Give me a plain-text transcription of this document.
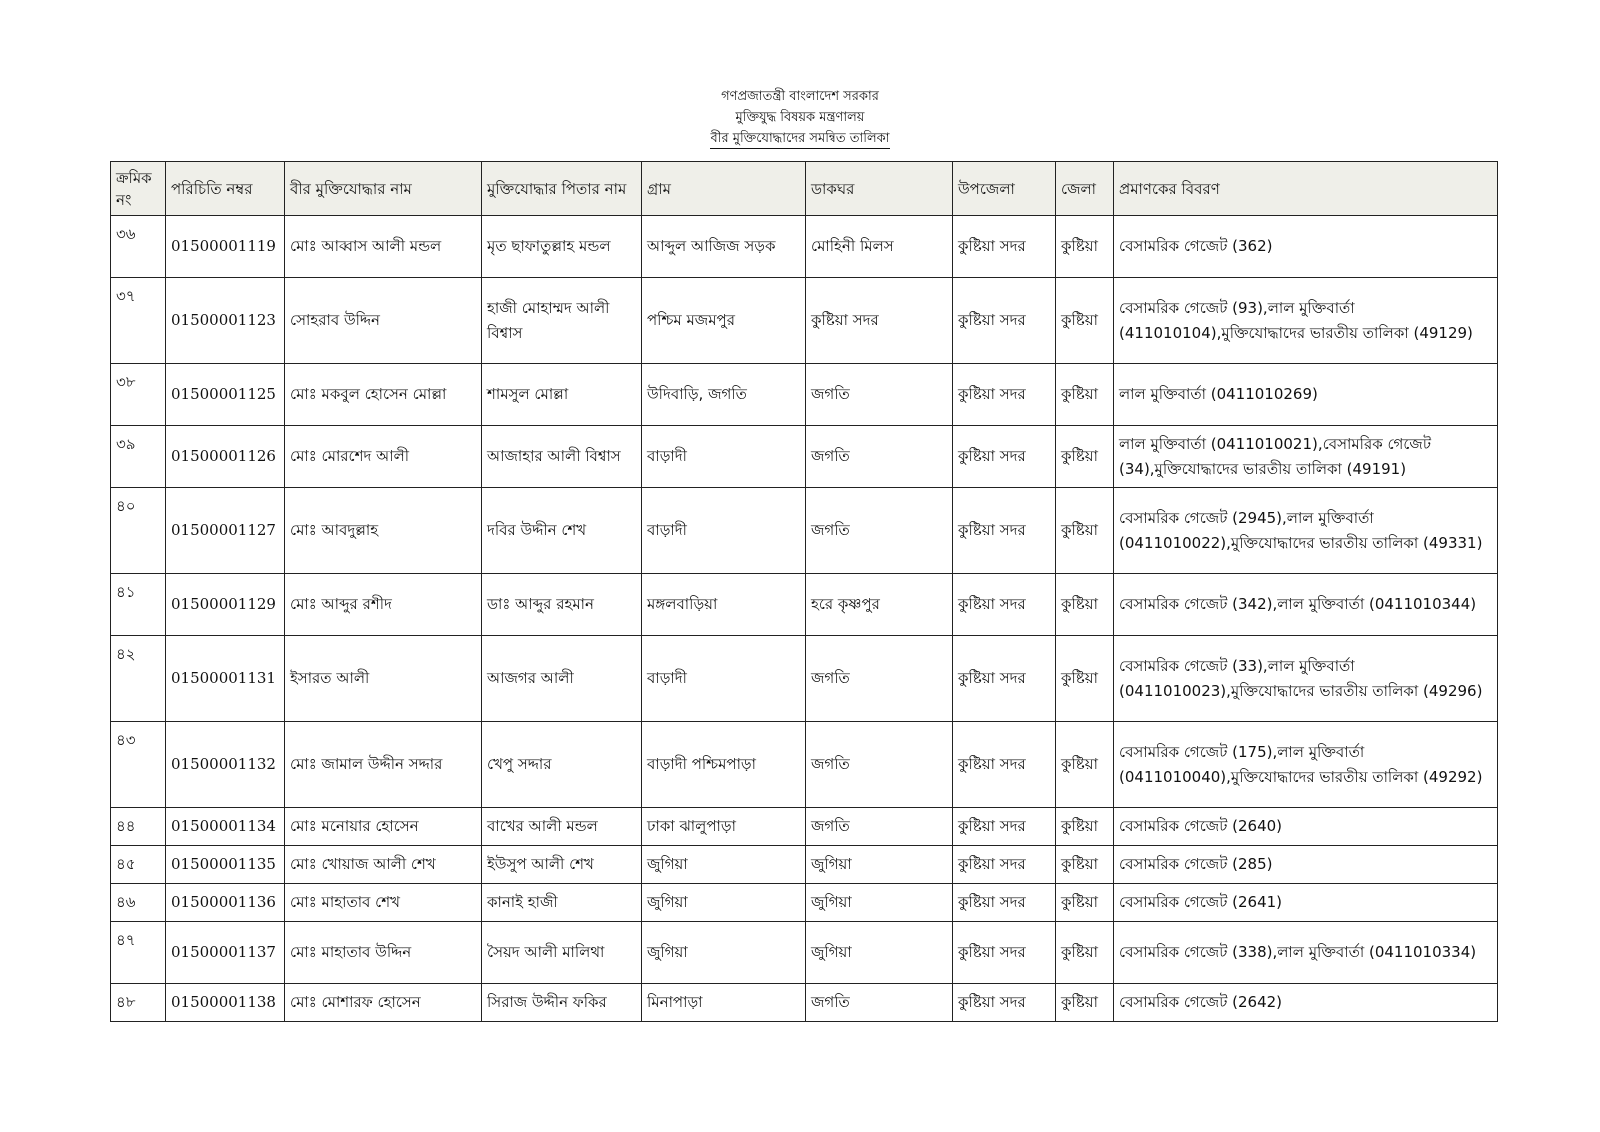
গণপ্রজাতন্ত্রী বাংলাদেশ সরকার
মুক্তিযুদ্ধ বিষয়ক মন্ত্রণালয়
বীর মুক্তিযোদ্ধাদের সমন্বিত তালিকা
ক্রমিক নং	পরিচিতি নম্বর	বীর মুক্তিযোদ্ধার নাম	মুক্তিযোদ্ধার পিতার নাম	গ্রাম	ডাকঘর	উপজেলা	জেলা	প্রমাণকের বিবরণ
৩৬	01500001119	মোঃ আব্বাস আলী মন্ডল	মৃত ছাফাতুল্লাহ মন্ডল	আব্দুল আজিজ সড়ক	মোহিনী মিলস	কুষ্টিয়া সদর	কুষ্টিয়া	বেসামরিক গেজেট (362)
৩৭	01500001123	সোহরাব উদ্দিন	হাজী মোহাম্মদ আলী বিশ্বাস	পশ্চিম মজমপুর	কুষ্টিয়া সদর	কুষ্টিয়া সদর	কুষ্টিয়া	বেসামরিক গেজেট (93),লাল মুক্তিবার্তা (411010104),মুক্তিযোদ্ধাদের ভারতীয় তালিকা (49129)
৩৮	01500001125	মোঃ মকবুল হোসেন মোল্লা	শামসুল মোল্লা	উদিবাড়ি, জগতি	জগতি	কুষ্টিয়া সদর	কুষ্টিয়া	লাল মুক্তিবার্তা (0411010269)
৩৯	01500001126	মোঃ মোরশেদ আলী	আজাহার আলী বিশ্বাস	বাড়াদী	জগতি	কুষ্টিয়া সদর	কুষ্টিয়া	লাল মুক্তিবার্তা (0411010021),বেসামরিক গেজেট (34),মুক্তিযোদ্ধাদের ভারতীয় তালিকা (49191)
৪০	01500001127	মোঃ আবদুল্লাহ	দবির উদ্দীন শেখ	বাড়াদী	জগতি	কুষ্টিয়া সদর	কুষ্টিয়া	বেসামরিক গেজেট (2945),লাল মুক্তিবার্তা (0411010022),মুক্তিযোদ্ধাদের ভারতীয় তালিকা (49331)
৪১	01500001129	মোঃ আব্দুর রশীদ	ডাঃ আব্দুর রহমান	মঙ্গলবাড়িয়া	হরে কৃষ্ণপুর	কুষ্টিয়া সদর	কুষ্টিয়া	বেসামরিক গেজেট (342),লাল মুক্তিবার্তা (0411010344)
৪২	01500001131	ইসারত আলী	আজগর আলী	বাড়াদী	জগতি	কুষ্টিয়া সদর	কুষ্টিয়া	বেসামরিক গেজেট (33),লাল মুক্তিবার্তা (0411010023),মুক্তিযোদ্ধাদের ভারতীয় তালিকা (49296)
৪৩	01500001132	মোঃ জামাল উদ্দীন সদ্দার	খেপু সদ্দার	বাড়াদী পশ্চিমপাড়া	জগতি	কুষ্টিয়া সদর	কুষ্টিয়া	বেসামরিক গেজেট (175),লাল মুক্তিবার্তা (0411010040),মুক্তিযোদ্ধাদের ভারতীয় তালিকা (49292)
৪৪	01500001134	মোঃ মনোয়ার হোসেন	বাখের আলী মন্ডল	ঢাকা ঝালুপাড়া	জগতি	কুষ্টিয়া সদর	কুষ্টিয়া	বেসামরিক গেজেট (2640)
৪৫	01500001135	মোঃ খোয়াজ আলী শেখ	ইউসুপ আলী শেখ	জুগিয়া	জুগিয়া	কুষ্টিয়া সদর	কুষ্টিয়া	বেসামরিক গেজেট (285)
৪৬	01500001136	মোঃ মাহাতাব শেখ	কানাই হাজী	জুগিয়া	জুগিয়া	কুষ্টিয়া সদর	কুষ্টিয়া	বেসামরিক গেজেট (2641)
৪৭	01500001137	মোঃ মাহাতাব উদ্দিন	সৈয়দ আলী মালিথা	জুগিয়া	জুগিয়া	কুষ্টিয়া সদর	কুষ্টিয়া	বেসামরিক গেজেট (338),লাল মুক্তিবার্তা (0411010334)
৪৮	01500001138	মোঃ মোশারফ হোসেন	সিরাজ উদ্দীন ফকির	মিনাপাড়া	জগতি	কুষ্টিয়া সদর	কুষ্টিয়া	বেসামরিক গেজেট (2642)
